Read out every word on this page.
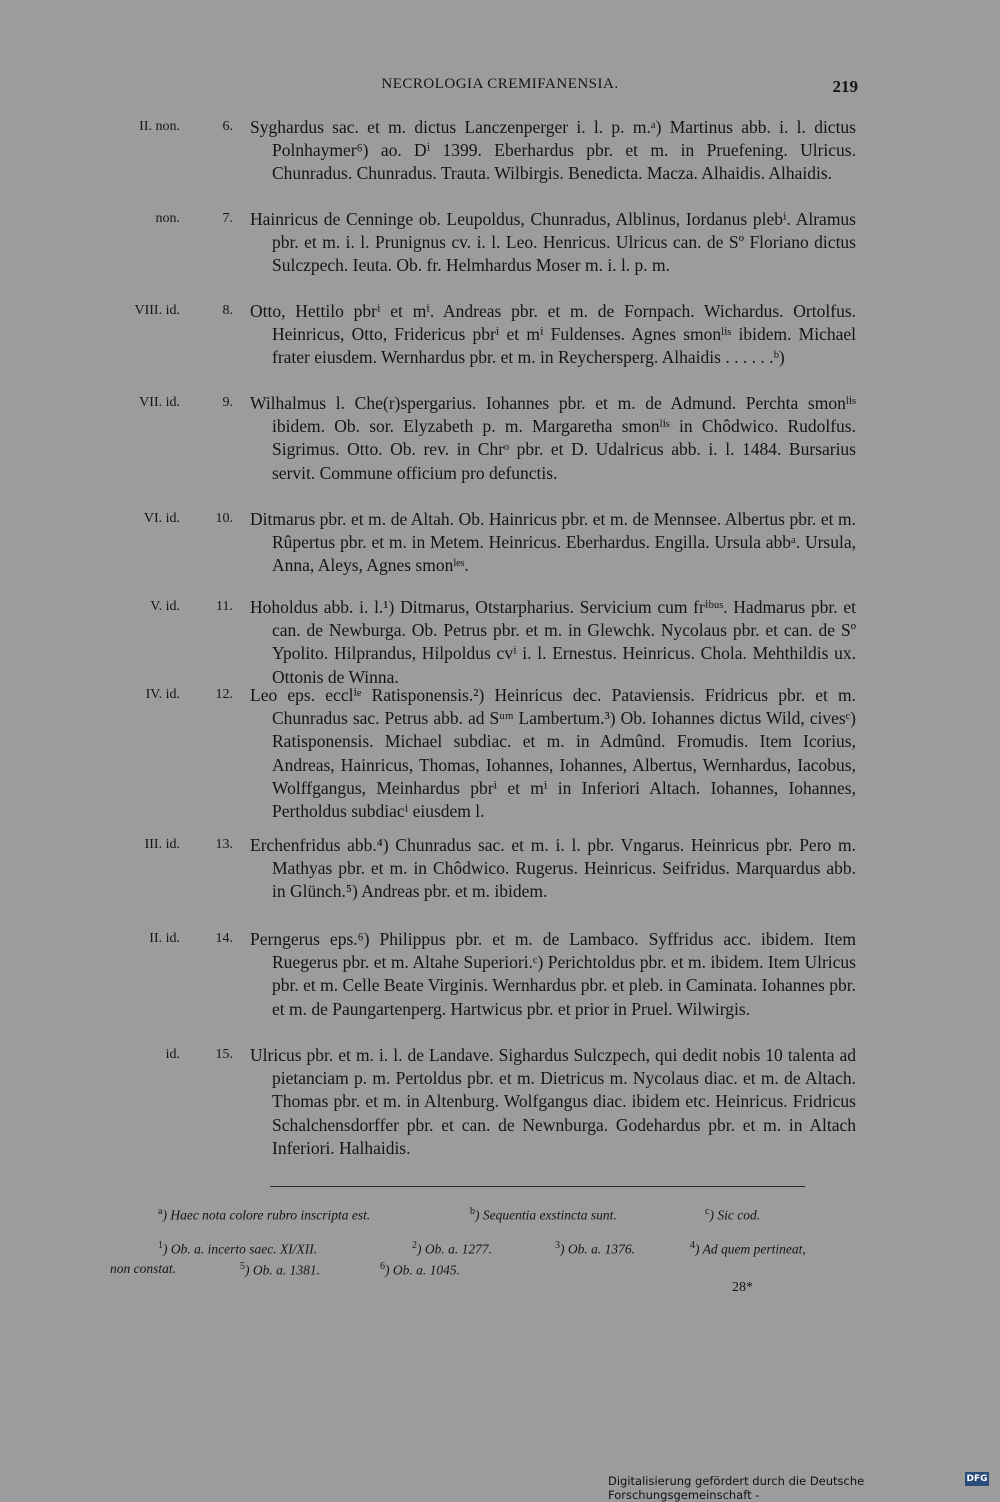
NECROLOGIA CREMIFANENSIA.	219
II. non.	6. Syghardus sac. et m. dictus Lanczenperger i. l. p. m.ᵃ) Martinus abb. i. l. dictus Polnhaymer⁶) ao. Dⁱ 1399. Eberhardus pbr. et m. in Pruefening. Ulricus. Chunradus. Chunradus. Trauta. Wilbirgis. Benedicta. Macza. Alhaidis. Alhaidis.
non.	7. Hainricus de Cenninge ob. Leupoldus, Chunradus, Alblinus, Iordanus plebⁱ. Alramus pbr. et m. i. l. Prunignus cv. i. l. Leo. Henricus. Ulricus can. de Sº Floriano dictus Sulczpech. Ieuta. Ob. fr. Helmhardus Moser m. i. l. p. m.
VIII. id.	8. Otto, Hettilo pbrⁱ et mⁱ. Andreas pbr. et m. de Fornpach. Wichardus. Ortolfus. Heinricus, Otto, Fridericus pbrⁱ et mⁱ Fuldenses. Agnes smonˡⁱˢ ibidem. Michael frater eiusdem. Wernhardus pbr. et m. in Reychersperg. Alhaidis . . . . . .ᵇ)
VII. id.	9. Wilhalmus l. Che(r)spergarius. Iohannes pbr. et m. de Admund. Perchta smonˡⁱˢ ibidem. Ob. sor. Elyzabeth p. m. Margaretha smonˡⁱˢ in Chôdwico. Rudolfus. Sigrimus. Otto. Ob. rev. in Chrᵒ pbr. et D. Udalricus abb. i. l. 1484. Bursarius servit. Commune officium pro defunctis.
VI. id.	10. Ditmarus pbr. et m. de Altah. Ob. Hainricus pbr. et m. de Mennsee. Albertus pbr. et m. Rûpertus pbr. et m. in Metem. Heinricus. Eberhardus. Engilla. Ursula abbᵃ. Ursula, Anna, Aleys, Agnes smonˡᵉˢ.
V. id.	11. Hoholdus abb. i. l.¹) Ditmarus, Otstarpharius. Servicium cum frⁱᵇᵘˢ. Hadmarus pbr. et can. de Newburga. Ob. Petrus pbr. et m. in Glewchk. Nycolaus pbr. et can. de Sº Ypolito. Hilprandus, Hilpoldus cvⁱ i. l. Ernestus. Heinricus. Chola. Mehthildis ux. Ottonis de Winna.
IV. id.	12. Leo eps. ecclⁱᵉ Ratisponensis.²) Heinricus dec. Pataviensis. Fridricus pbr. et m. Chunradus sac. Petrus abb. ad Sᵘᵐ Lambertum.³) Ob. Iohannes dictus Wild, civesᶜ) Ratisponensis. Michael subdiac. et m. in Admûnd. Fromudis. Item Icorius, Andreas, Hainricus, Thomas, Iohannes, Iohannes, Albertus, Wernhardus, Iacobus, Wolffgangus, Meinhardus pbrⁱ et mⁱ in Inferiori Altach. Iohannes, Iohannes, Pertholdus subdiacⁱ eiusdem l.
III. id.	13. Erchenfridus abb.⁴) Chunradus sac. et m. i. l. pbr. Vngarus. Heinricus pbr. Pero m. Mathyas pbr. et m. in Chôdwico. Rugerus. Heinricus. Seifridus. Marquardus abb. in Glünch.⁵) Andreas pbr. et m. ibidem.
II. id.	14. Perngerus eps.⁶) Philippus pbr. et m. de Lambaco. Syffridus acc. ibidem. Item Ruegerus pbr. et m. Altahe Superiori.ᶜ) Perichtoldus pbr. et m. ibidem. Item Ulricus pbr. et m. Celle Beate Virginis. Wernhardus pbr. et pleb. in Caminata. Iohannes pbr. et m. de Paungartenperg. Hartwicus pbr. et prior in Pruel. Wilwirgis.
id.	15. Ulricus pbr. et m. i. l. de Landave. Sighardus Sulczpech, qui dedit nobis 10 talenta ad pietanciam p. m. Pertoldus pbr. et m. Dietricus m. Nycolaus diac. et m. de Altach. Thomas pbr. et m. in Altenburg. Wolfgangus diac. ibidem etc. Heinricus. Fridricus Schalchensdorffer pbr. et can. de Newnburga. Godehardus pbr. et m. in Altach Inferiori. Halhaidis.
$^a$) Haec nota colore rubro inscripta est.	$^b$) Sequentia exstincta sunt.	$^c$) Sic cod.
$^1$) Ob. a. incerto saec. XI/XII.	$^2$) Ob. a. 1277.	$^3$) Ob. a. 1376.	$^4$) Ad quem pertineat,
non constat.	$^5$) Ob. a. 1381.	$^6$) Ob. a. 1045.
28*
Digitalisierung gefördert durch die Deutsche Forschungsgemeinschaft -
DFG
